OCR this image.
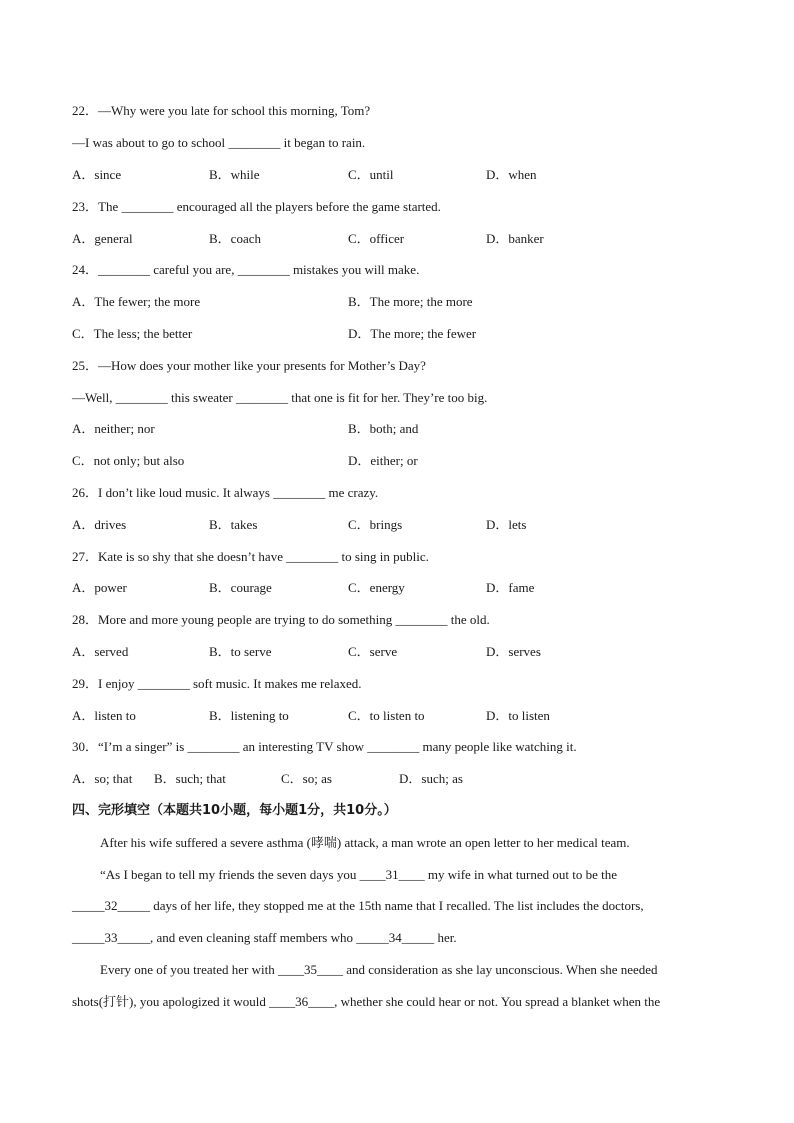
22．—Why were you late for school this morning, Tom?
—I was about to go to school ________ it began to rain.
A．since	B．while	C．until	D．when
23．The ________ encouraged all the players before the game started.
A．general	B．coach	C．officer	D．banker
24．________ careful you are, ________ mistakes you will make.
A．The fewer; the more	B．The more; the more
C．The less; the better	D．The more; the fewer
25．—How does your mother like your presents for Mother’s Day?
—Well, ________ this sweater ________ that one is fit for her. They’re too big.
A．neither; nor	B．both; and
C．not only; but also	D．either; or
26．I don’t like loud music. It always ________ me crazy.
A．drives	B．takes	C．brings	D．lets
27．Kate is so shy that she doesn’t have ________ to sing in public.
A．power	B．courage	C．energy	D．fame
28．More and more young people are trying to do something ________ the old.
A．served	B．to serve	C．serve	D．serves
29．I enjoy ________ soft music. It makes me relaxed.
A．listen to	B．listening to	C．to listen to	D．to listen
30．“I’m a singer” is ________ an interesting TV show ________ many people like watching it.
A．so; that B．such; that	C．so; as	D．such; as
四、完形填空（本题共10小题，每小题1分，共10分。）
After his wife suffered a severe asthma (哮喘) attack, a man wrote an open letter to her medical team.
“As I began to tell my friends the seven days you ____31____ my wife in what turned out to be the
_____32_____ days of her life, they stopped me at the 15th name that I recalled. The list includes the doctors,
_____33_____, and even cleaning staff members who _____34_____ her.
Every one of you treated her with ____35____ and consideration as she lay unconscious. When she needed
shots(打针), you apologized it would ____36____, whether she could hear or not. You spread a blanket when the
